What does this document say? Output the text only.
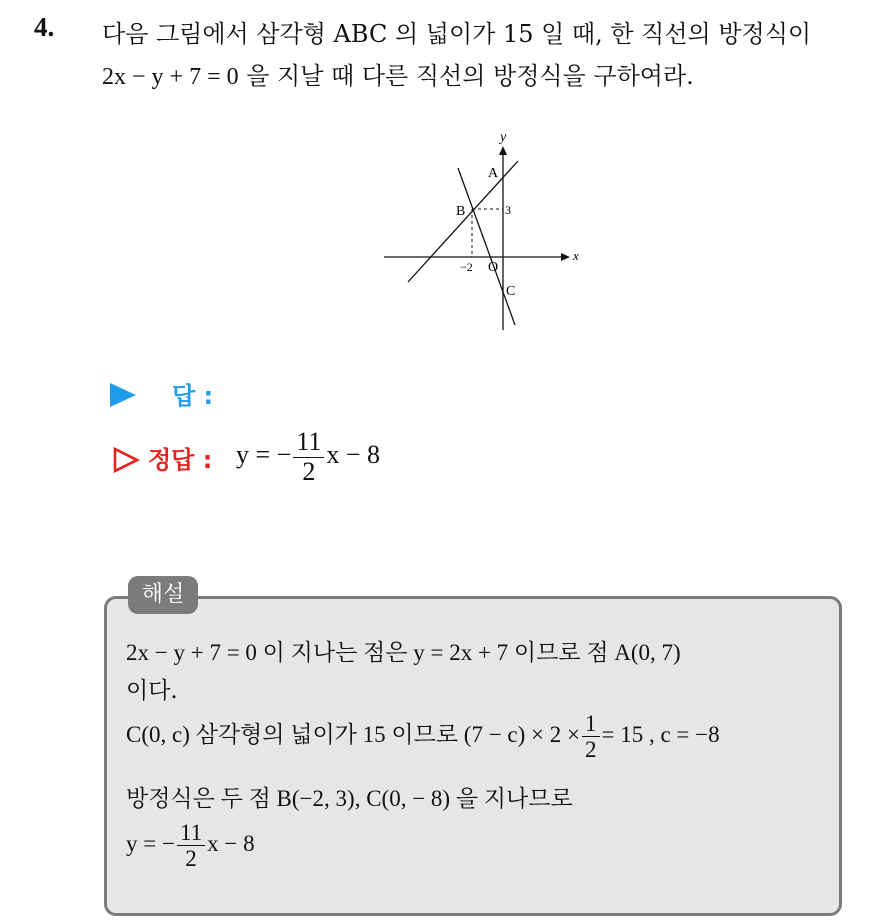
4. 다음 그림에서 삼각형 ABC 의 넓이가 15 일 때, 한 직선의 방정식이
2x − y + 7 = 0 을 지날 때 다른 직선의 방정식을 구하여라.
x
y
A
B
C
O
−2
3
답 :
정답 : y = − $\frac{11}{2}$ x − 8
해설
2x − y + 7 = 0 이 지나는 점은 y = 2x + 7 이므로 점 A(0, 7)
이다.
C(0, c) 삼각형의 넓이가 15 이므로 $(7 - c) \times 2 \times \frac{1}{2} = 15$ , c = −8
방정식은 두 점 B(−2, 3), C(0, − 8) 을 지나므로
y = − $\frac{11}{2}$ x − 8
